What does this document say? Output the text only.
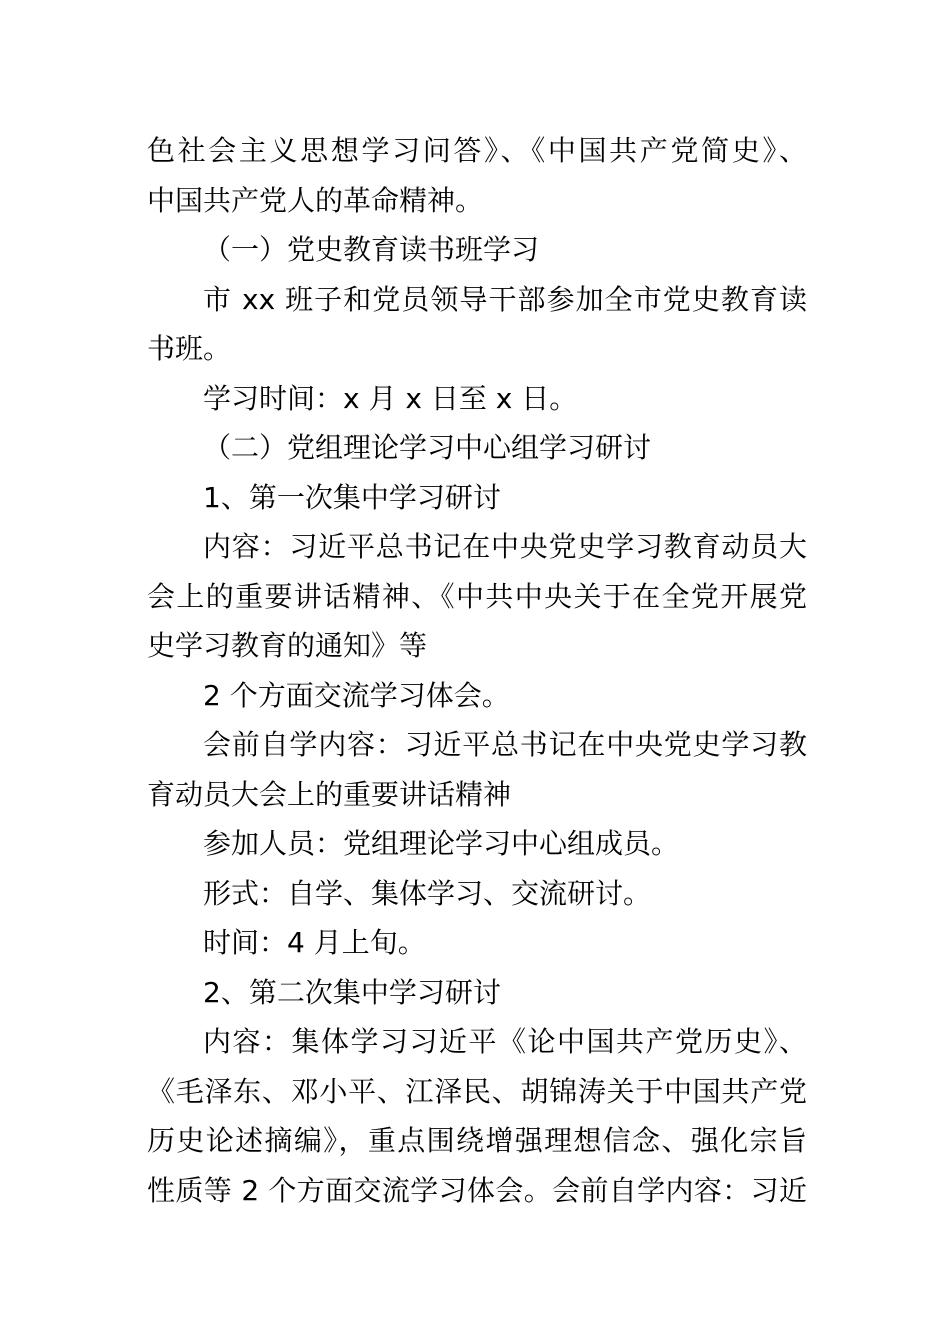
色社会主义思想学习问答》、《中国共产党简史》、
中国共产党人的革命精神。
（一）党史教育读书班学习
市 xx 班子和党员领导干部参加全市党史教育读
书班。
学习时间：x 月 x 日至 x 日。
（二）党组理论学习中心组学习研讨
1、第一次集中学习研讨
内容：习近平总书记在中央党史学习教育动员大
会上的重要讲话精神、《中共中央关于在全党开展党
史学习教育的通知》等
2 个方面交流学习体会。
会前自学内容：习近平总书记在中央党史学习教
育动员大会上的重要讲话精神
参加人员：党组理论学习中心组成员。
形式：自学、集体学习、交流研讨。
时间：4 月上旬。
2、第二次集中学习研讨
内容：集体学习习近平《论中国共产党历史》、
《毛泽东、邓小平、江泽民、胡锦涛关于中国共产党
历史论述摘编》，重点围绕增强理想信念、强化宗旨
性质等 2 个方面交流学习体会。会前自学内容：习近
